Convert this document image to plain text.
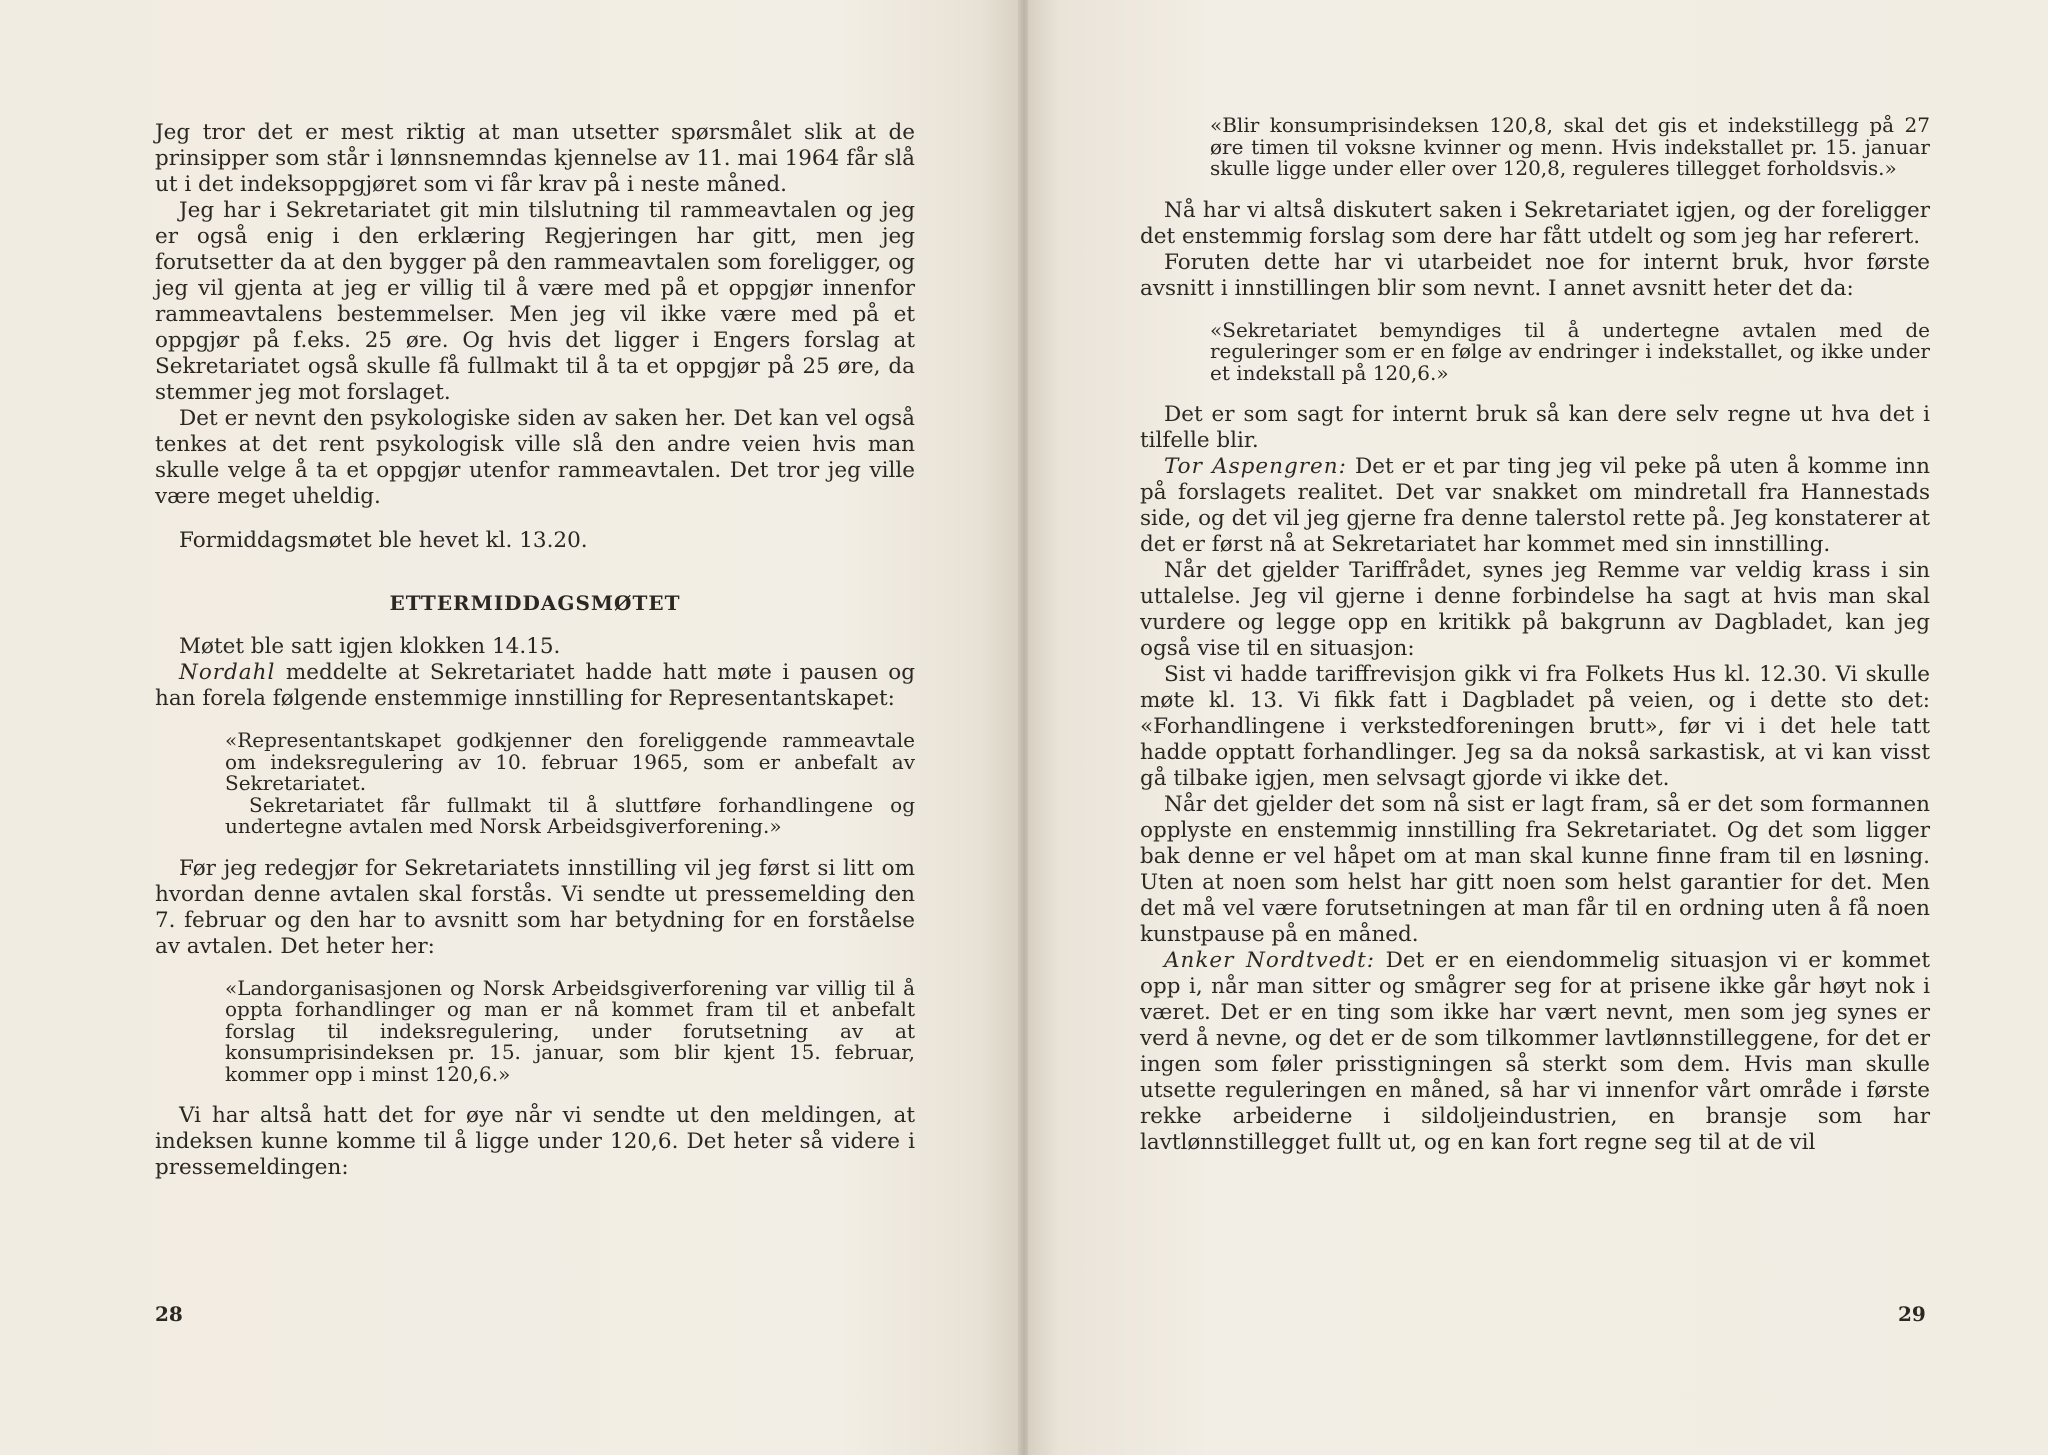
Jeg tror det er mest riktig at man utsetter spørsmålet slik at de prinsipper som står i lønnsnemndas kjennelse av 11. mai 1964 får slå ut i det indeksoppgjøret som vi får krav på i neste måned.

Jeg har i Sekretariatet git min tilslutning til rammeavtalen og jeg er også enig i den erklæring Regjeringen har gitt, men jeg forutsetter da at den bygger på den rammeavtalen som foreligger, og jeg vil gjenta at jeg er villig til å være med på et oppgjør innenfor rammeavtalens bestemmelser. Men jeg vil ikke være med på et oppgjør på f.eks. 25 øre. Og hvis det ligger i Engers forslag at Sekretariatet også skulle få fullmakt til å ta et oppgjør på 25 øre, da stemmer jeg mot forslaget.

Det er nevnt den psykologiske siden av saken her. Det kan vel også tenkes at det rent psykologisk ville slå den andre veien hvis man skulle velge å ta et oppgjør utenfor rammeavtalen. Det tror jeg ville være meget uheldig.

Formiddagsmøtet ble hevet kl. 13.20.

ETTERMIDDAGSMØTET

Møtet ble satt igjen klokken 14.15.

Nordahl meddelte at Sekretariatet hadde hatt møte i pausen og han forela følgende enstemmige innstilling for Representantskapet:

«Representantskapet godkjenner den foreliggende rammeavtale om indeksregulering av 10. februar 1965, som er anbefalt av Sekretariatet.

Sekretariatet får fullmakt til å sluttføre forhandlingene og undertegne avtalen med Norsk Arbeidsgiverforening.»

Før jeg redegjør for Sekretariatets innstilling vil jeg først si litt om hvordan denne avtalen skal forstås. Vi sendte ut pressemelding den 7. februar og den har to avsnitt som har betydning for en forståelse av avtalen. Det heter her:

«Landorganisasjonen og Norsk Arbeidsgiverforening var villig til å oppta forhandlinger og man er nå kommet fram til et anbefalt forslag til indeksregulering, under forutsetning av at konsumprisindeksen pr. 15. januar, som blir kjent 15. februar, kommer opp i minst 120,6.»

Vi har altså hatt det for øye når vi sendte ut den meldingen, at indeksen kunne komme til å ligge under 120,6. Det heter så videre i pressemeldingen:

28

«Blir konsumprisindeksen 120,8, skal det gis et indekstillegg på 27 øre timen til voksne kvinner og menn. Hvis indekstallet pr. 15. januar skulle ligge under eller over 120,8, reguleres tillegget forholdsvis.»

Nå har vi altså diskutert saken i Sekretariatet igjen, og der foreligger det enstemmig forslag som dere har fått utdelt og som jeg har referert.

Foruten dette har vi utarbeidet noe for internt bruk, hvor første avsnitt i innstillingen blir som nevnt. I annet avsnitt heter det da:

«Sekretariatet bemyndiges til å undertegne avtalen med de reguleringer som er en følge av endringer i indekstallet, og ikke under et indekstall på 120,6.»

Det er som sagt for internt bruk så kan dere selv regne ut hva det i tilfelle blir.

Tor Aspengren: Det er et par ting jeg vil peke på uten å komme inn på forslagets realitet. Det var snakket om mindretall fra Hannestads side, og det vil jeg gjerne fra denne talerstol rette på. Jeg konstaterer at det er først nå at Sekretariatet har kommet med sin innstilling.

Når det gjelder Tariffrådet, synes jeg Remme var veldig krass i sin uttalelse. Jeg vil gjerne i denne forbindelse ha sagt at hvis man skal vurdere og legge opp en kritikk på bakgrunn av Dagbladet, kan jeg også vise til en situasjon:

Sist vi hadde tariffrevisjon gikk vi fra Folkets Hus kl. 12.30. Vi skulle møte kl. 13. Vi fikk fatt i Dagbladet på veien, og i dette sto det: «Forhandlingene i verkstedforeningen brutt», før vi i det hele tatt hadde opptatt forhandlinger. Jeg sa da nokså sarkastisk, at vi kan visst gå tilbake igjen, men selvsagt gjorde vi ikke det.

Når det gjelder det som nå sist er lagt fram, så er det som formannen opplyste en enstemmig innstilling fra Sekretariatet. Og det som ligger bak denne er vel håpet om at man skal kunne finne fram til en løsning. Uten at noen som helst har gitt noen som helst garantier for det. Men det må vel være forutsetningen at man får til en ordning uten å få noen kunstpause på en måned.

Anker Nordtvedt: Det er en eiendommelig situasjon vi er kommet opp i, når man sitter og smågrer seg for at prisene ikke går høyt nok i været. Det er en ting som ikke har vært nevnt, men som jeg synes er verd å nevne, og det er de som tilkommer lavtlønnstilleggene, for det er ingen som føler prisstigningen så sterkt som dem. Hvis man skulle utsette reguleringen en måned, så har vi innenfor vårt område i første rekke arbeiderne i sildoljeindustrien, en bransje som har lavtlønnstillegget fullt ut, og en kan fort regne seg til at de vil

29
